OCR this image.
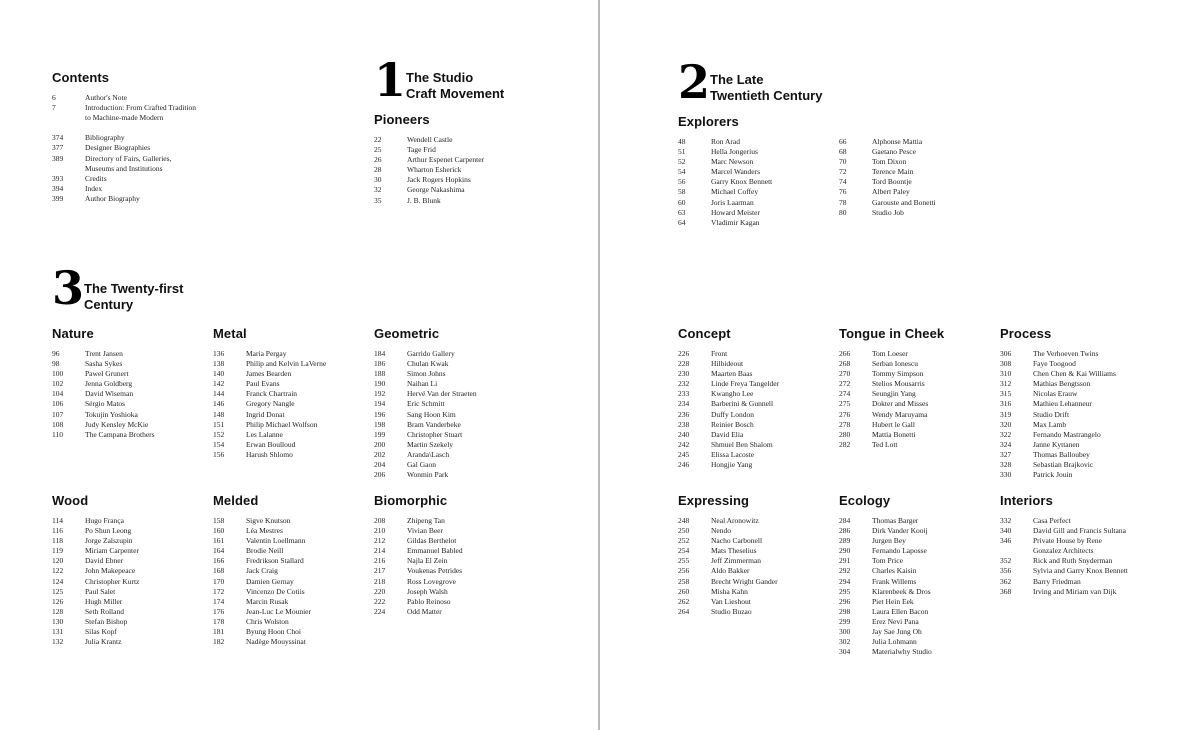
Contents
6	Author's Note
7	Introduction: From Crafted Tradition
to Machine-made Modern
374	Bibliography
377	Designer Biographies
389	Directory of Fairs, Galleries,
Museums and Institutions
393	Credits
394	Index
399	Author Biography
1 The Studio
Craft Movement
Pioneers
22	Wendell Castle
25	Tage Frid
26	Arthur Espenet Carpenter
28	Wharton Esherick
30	Jack Rogers Hopkins
32	George Nakashima
35	J. B. Blunk
2 The Late
Twentieth Century
Explorers
48	Ron Arad
51	Hella Jongerius
52	Marc Newson
54	Marcel Wanders
56	Garry Knox Bennett
58	Michael Coffey
60	Joris Laarman
63	Howard Meister
64	Vladimir Kagan
66	Alphonse Mattia
68	Gaetano Pesce
70	Tom Dixon
72	Terence Main
74	Tord Boontje
76	Albert Paley
78	Garouste and Bonetti
80	Studio Job
3 The Twenty-first
Century
Nature
96	Trent Jansen
98	Sasha Sykes
100	Paweł Grunert
102	Jenna Goldberg
104	David Wiseman
106	Sérgio Matos
107	Tokujin Yoshioka
108	Judy Kensley McKie
110	The Campana Brothers
Metal
136	Maria Pergay
138	Philip and Kelvin LaVerne
140	James Bearden
142	Paul Evans
144	Franck Chartrain
146	Gregory Nangle
148	Ingrid Donat
151	Philip Michael Wolfson
152	Les Lalanne
154	Erwan Boulloud
156	Harush Shlomo
Geometric
184	Garrido Gallery
186	Chulan Kwak
188	Simon Johns
190	Naihan Li
192	Hervé Van der Straeten
194	Eric Schmitt
196	Sang Hoon Kim
198	Bram Vanderbeke
199	Christopher Stuart
200	Martin Szekely
202	Aranda\Lasch
204	Gal Gaon
206	Wonmin Park
Concept
226	Front
228	Hilbideout
230	Maarten Baas
232	Linde Freya Tangelder
233	Kwangho Lee
234	Barberini & Gunnell
236	Duffy London
238	Reinier Bosch
240	David Elia
242	Shmuel Ben Shalom
245	Elissa Lacoste
246	Hongjie Yang
Tongue in Cheek
266	Tom Loeser
268	Serban Ionescu
270	Tommy Simpson
272	Stelios Mousarris
274	Seungjin Yang
275	Dokter and Misses
276	Wendy Maruyama
278	Hubert le Gall
280	Mattia Bonetti
282	Ted Lott
Process
306	The Verhoeven Twins
308	Faye Toogood
310	Chen Chen & Kai Williams
312	Mathias Bengtsson
315	Nicolas Erauw
316	Mathieu Lehanneur
319	Studio Drift
320	Max Lamb
322	Fernando Mastrangelo
324	Janne Kyttanen
327	Thomas Balloubey
328	Sebastian Brajkovic
330	Patrick Jouin
Wood
114	Hugo França
116	Po Shun Leong
118	Jorge Zalszupin
119	Miriam Carpenter
120	David Ebner
122	John Makepeace
124	Christopher Kurtz
125	Paul Salet
126	Hugh Miller
128	Seth Rolland
130	Stefan Bishop
131	Silas Kopf
132	Julia Krantz
Melded
158	Sigve Knutson
160	Léa Mestres
161	Valentin Loellmann
164	Brodie Neill
166	Fredrikson Stallard
168	Jack Craig
170	Damien Gernay
172	Vincenzo De Cotiis
174	Marcin Rusak
176	Jean-Luc Le Mounier
178	Chris Wolston
181	Byung Hoon Choi
182	Nadège Mouyssinat
Biomorphic
208	Zhipeng Tan
210	Vivian Beer
212	Gildas Berthelot
214	Emmanuel Babled
216	Najla El Zein
217	Voukenas Petrides
218	Ross Lovegrove
220	Joseph Walsh
222	Pablo Reinoso
224	Odd Matter
Expressing
248	Neal Aronowitz
250	Nendo
252	Nacho Carbonell
254	Mats Theselius
255	Jeff Zimmerman
256	Aldo Bakker
258	Brecht Wright Gander
260	Misha Kahn
262	Van Lieshout
264	Studio Buzao
Ecology
284	Thomas Barger
286	Dirk Vander Kooij
289	Jurgen Bey
290	Fernando Laposse
291	Tom Price
292	Charles Kaisin
294	Frank Willems
295	Klarenbeek & Dros
296	Piet Hein Eek
298	Laura Ellen Bacon
299	Erez Nevi Pana
300	Jay Sae Jung Oh
302	Julia Lohmann
304	Materialwhy Studio
Interiors
332	Casa Perfect
340	David Gill and Francis Sultana
346	Private House by Rene
Gonzalez Architects
352	Rick and Ruth Snyderman
356	Sylvia and Garry Knox Bennett
362	Barry Friedman
368	Irving and Miriam van Dijk
